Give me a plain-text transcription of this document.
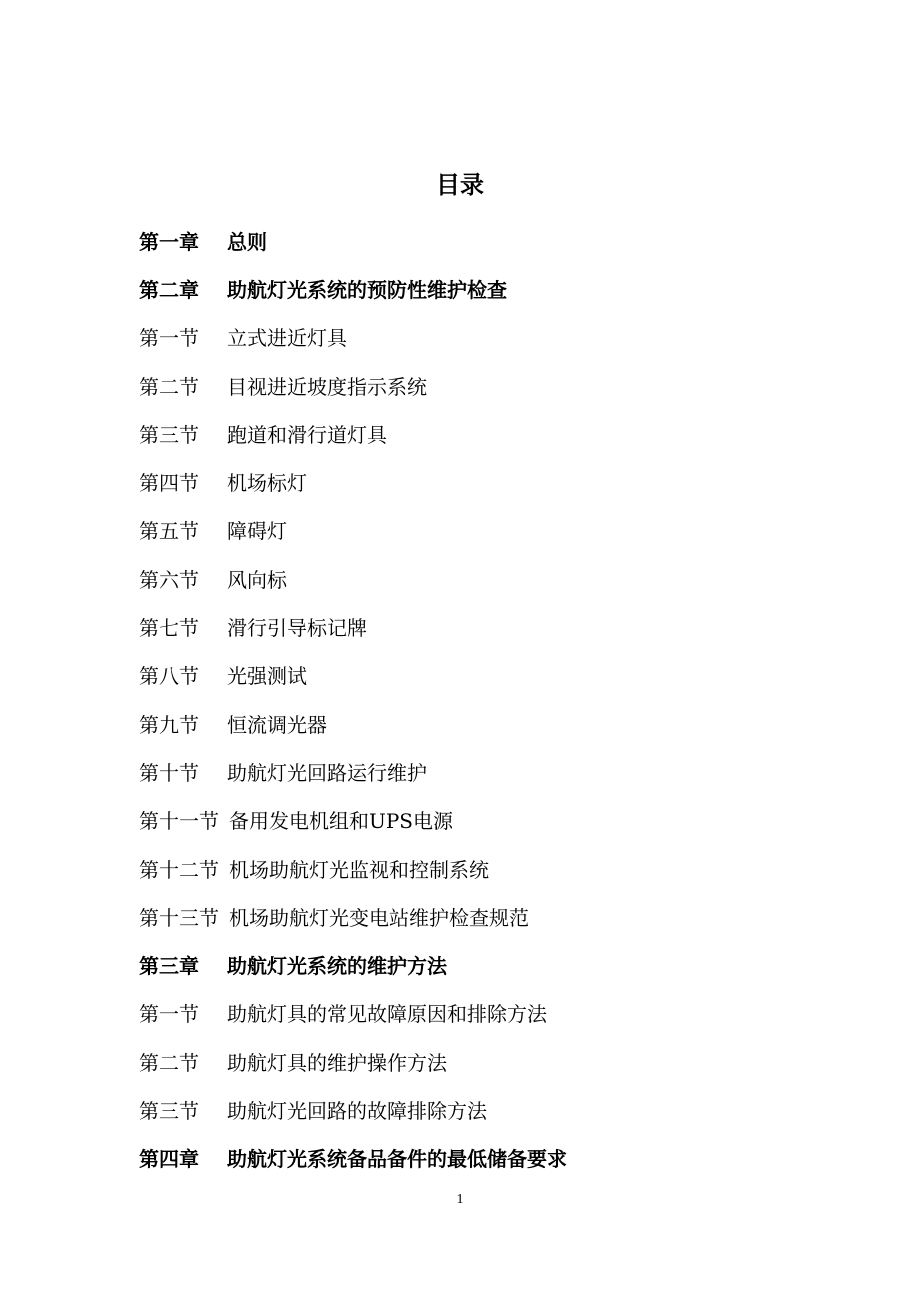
目录
第一章	总则
第二章	助航灯光系统的预防性维护检查
第一节	立式进近灯具
第二节	目视进近坡度指示系统
第三节	跑道和滑行道灯具
第四节	机场标灯
第五节	障碍灯
第六节	风向标
第七节	滑行引导标记牌
第八节	光强测试
第九节	恒流调光器
第十节	助航灯光回路运行维护
第十一节 备用发电机组和UPS电源
第十二节 机场助航灯光监视和控制系统
第十三节 机场助航灯光变电站维护检查规范
第三章	助航灯光系统的维护方法
第一节	助航灯具的常见故障原因和排除方法
第二节	助航灯具的维护操作方法
第三节	助航灯光回路的故障排除方法
第四章	助航灯光系统备品备件的最低储备要求
1
